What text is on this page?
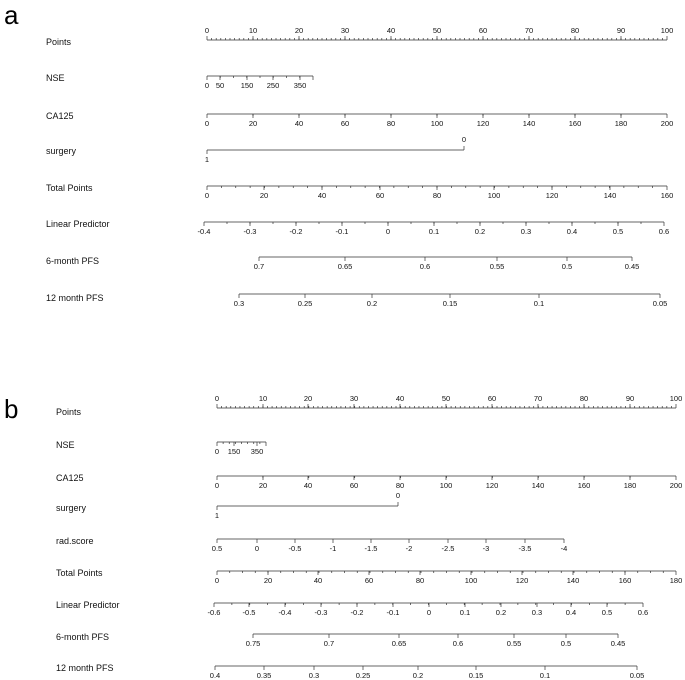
a
Points
0	10	20	30	40	50	60	70	80	90	100
NSE
0 50 150 250 350
CA125
0	20	40	60	80	100	120	140	160	180	200
surgery
1
0
Total Points
0	20	40	60	80	100	120	140	160
Linear Predictor
-0.4	-0.3	-0.2	-0.1	0	0.1	0.2	0.3	0.4	0.5	0.6
6-month PFS
0.7	0.65	0.6	0.55	0.5	0.45
12 month PFS
0.3	0.25	0.2	0.15	0.1	0.05
b	Points
0	10	20	30	40	50	60	70	80	90	100
NSE
0 150 350
CA125
0	20	40	60	80	100	120	140	160	180	200
surgery
1
0
rad.score
0.5	0	-0.5	-1	-1.5	-2	-2.5	-3	-3.5	-4
Total Points
0	20	40	60	80	100	120	140	160	180
Linear Predictor
-0.6	-0.5	-0.4	-0.3	-0.2	-0.1	0	0.1	0.2	0.3	0.4	0.5	0.6
6-month PFS
0.75	0.7	0.65	0.6	0.55	0.5	0.45
12 month PFS
0.4	0.35	0.3	0.25	0.2	0.15	0.1	0.05
